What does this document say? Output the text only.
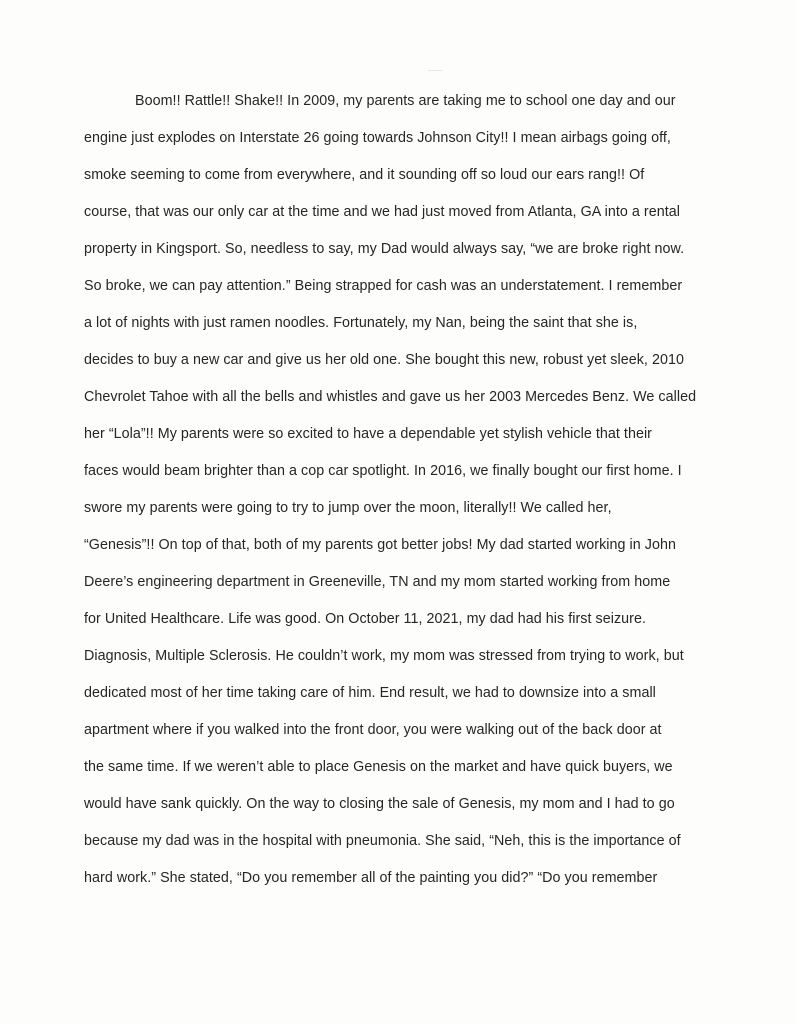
Boom!! Rattle!! Shake!! In 2009, my parents are taking me to school one day and our
engine just explodes on Interstate 26 going towards Johnson City!! I mean airbags going off,
smoke seeming to come from everywhere, and it sounding off so loud our ears rang!! Of
course, that was our only car at the time and we had just moved from Atlanta, GA into a rental
property in Kingsport. So, needless to say, my Dad would always say, “we are broke right now.
So broke, we can pay attention.” Being strapped for cash was an understatement. I remember
a lot of nights with just ramen noodles. Fortunately, my Nan, being the saint that she is,
decides to buy a new car and give us her old one. She bought this new, robust yet sleek, 2010
Chevrolet Tahoe with all the bells and whistles and gave us her 2003 Mercedes Benz. We called
her “Lola”!! My parents were so excited to have a dependable yet stylish vehicle that their
faces would beam brighter than a cop car spotlight. In 2016, we finally bought our first home. I
swore my parents were going to try to jump over the moon, literally!! We called her,
“Genesis”!! On top of that, both of my parents got better jobs! My dad started working in John
Deere’s engineering department in Greeneville, TN and my mom started working from home
for United Healthcare. Life was good. On October 11, 2021, my dad had his first seizure.
Diagnosis, Multiple Sclerosis. He couldn’t work, my mom was stressed from trying to work, but
dedicated most of her time taking care of him. End result, we had to downsize into a small
apartment where if you walked into the front door, you were walking out of the back door at
the same time. If we weren’t able to place Genesis on the market and have quick buyers, we
would have sank quickly. On the way to closing the sale of Genesis, my mom and I had to go
because my dad was in the hospital with pneumonia. She said, “Neh, this is the importance of
hard work.” She stated, “Do you remember all of the painting you did?” “Do you remember
